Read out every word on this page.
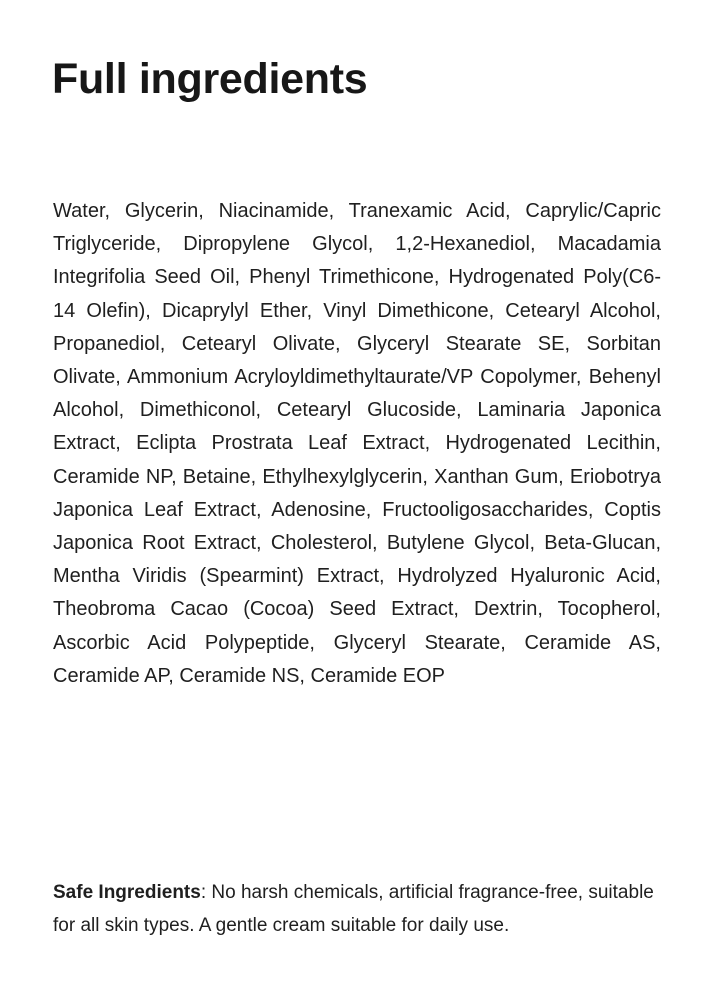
Full ingredients

Water, Glycerin, Niacinamide, Tranexamic Acid, Caprylic/Capric Triglyceride, Dipropylene Glycol, 1,2-Hexanediol, Macadamia Integrifolia Seed Oil, Phenyl Trimethicone, Hydrogenated Poly(C6-14 Olefin), Dicaprylyl Ether, Vinyl Dimethicone, Cetearyl Alcohol, Propanediol, Cetearyl Olivate, Glyceryl Stearate SE, Sorbitan Olivate, Ammonium Acryloyldimethyltaurate/VP Copolymer, Behenyl Alcohol, Dimethiconol, Cetearyl Glucoside, Laminaria Japonica Extract, Eclipta Prostrata Leaf Extract, Hydrogenated Lecithin, Ceramide NP, Betaine, Ethylhexylglycerin, Xanthan Gum, Eriobotrya Japonica Leaf Extract, Adenosine, Fructooligosaccharides, Coptis Japonica Root Extract, Cholesterol, Butylene Glycol, Beta-Glucan, Mentha Viridis (Spearmint) Extract, Hydrolyzed Hyaluronic Acid, Theobroma Cacao (Cocoa) Seed Extract, Dextrin, Tocopherol, Ascorbic Acid Polypeptide, Glyceryl Stearate, Ceramide AS, Ceramide AP, Ceramide NS, Ceramide EOP

Safe Ingredients: No harsh chemicals, artificial fragrance-free, suitable for all skin types. A gentle cream suitable for daily use.
